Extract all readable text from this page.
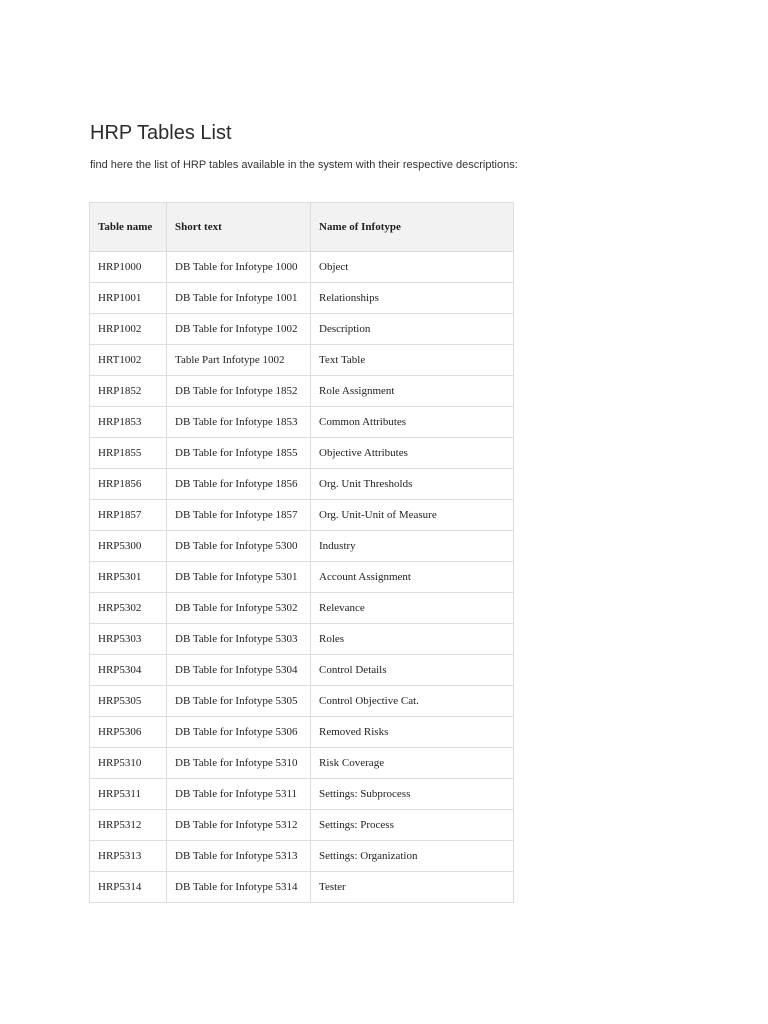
HRP Tables List

find here the list of HRP tables available in the system with their respective descriptions:

Table name	Short text	Name of Infotype
HRP1000	DB Table for Infotype 1000	Object
HRP1001	DB Table for Infotype 1001	Relationships
HRP1002	DB Table for Infotype 1002	Description
HRT1002	Table Part Infotype 1002	Text Table
HRP1852	DB Table for Infotype 1852	Role Assignment
HRP1853	DB Table for Infotype 1853	Common Attributes
HRP1855	DB Table for Infotype 1855	Objective Attributes
HRP1856	DB Table for Infotype 1856	Org. Unit Thresholds
HRP1857	DB Table for Infotype 1857	Org. Unit-Unit of Measure
HRP5300	DB Table for Infotype 5300	Industry
HRP5301	DB Table for Infotype 5301	Account Assignment
HRP5302	DB Table for Infotype 5302	Relevance
HRP5303	DB Table for Infotype 5303	Roles
HRP5304	DB Table for Infotype 5304	Control Details
HRP5305	DB Table for Infotype 5305	Control Objective Cat.
HRP5306	DB Table for Infotype 5306	Removed Risks
HRP5310	DB Table for Infotype 5310	Risk Coverage
HRP5311	DB Table for Infotype 5311	Settings: Subprocess
HRP5312	DB Table for Infotype 5312	Settings: Process
HRP5313	DB Table for Infotype 5313	Settings: Organization
HRP5314	DB Table for Infotype 5314	Tester
